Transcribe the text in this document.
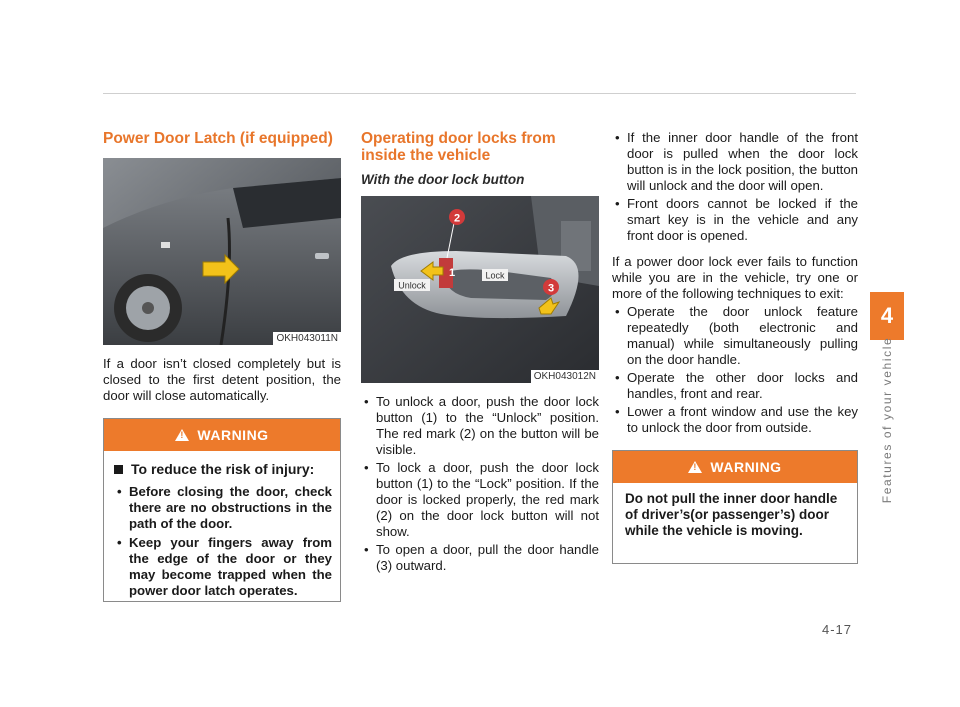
Power Door Latch (if equipped)
OKH043011N

If a door isn’t closed completely but is closed to the first detent position, the door will close automatically.

!WARNING
To reduce the risk of injury:
• Before closing the door, check there are no obstructions in the path of the door.
• Keep your fingers away from the edge of the door or they may become trapped when the power door latch operates.
Operating door locks from inside the vehicle
With the door lock button
2
3
1	Lock
Unlock
OKH043012N
• To unlock a door, push the door lock button (1) to the “Unlock” position. The red mark (2) on the button will be visible.
• To lock a door, push the door lock button (1) to the “Lock” position. If the door is locked properly, the red mark (2) on the door lock button will not show.
• To open a door, pull the door handle (3) outward.
• If the inner door handle of the front door is pulled when the door lock button is in the lock position, the button will unlock and the door will open.
• Front doors cannot be locked if the smart key is in the vehicle and any front door is opened.

If a power door lock ever fails to function while you are in the vehicle, try one or more of the following techniques to exit:

• Operate the door unlock feature repeatedly (both electronic and manual) while simultaneously pulling on the door handle.
• Operate the other door locks and handles, front and rear.
• Lower a front window and use the key to unlock the door from outside.
!WARNING

Do not pull the inner door handle of driver’s(or passenger’s) door while the vehicle is moving.

4
Features of your vehicle
4-17
